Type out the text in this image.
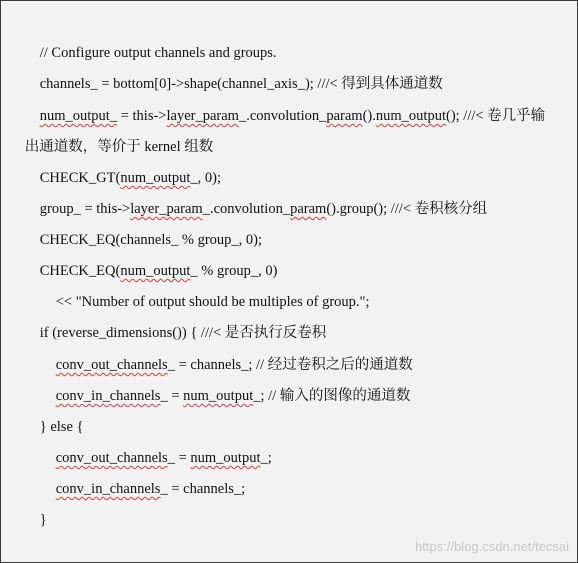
// Configure output channels and groups.

channels_ = bottom[0]->shape(channel_axis_); ///< 得到具体通道数

num_output_ = this->layer_param_.convolution_param().num_output(); ///< 卷几乎输

出通道数，等价于 kernel 组数

CHECK_GT(num_output_, 0);

group_ = this->layer_param_.convolution_param().group(); ///< 卷积核分组

CHECK_EQ(channels_ % group_, 0);

CHECK_EQ(num_output_ % group_, 0)

<< "Number of output should be multiples of group.";

if (reverse_dimensions()) { ///< 是否执行反卷积

conv_out_channels_ = channels_; // 经过卷积之后的通道数

conv_in_channels_ = num_output_; // 输入的图像的通道数

} else {

conv_out_channels_ = num_output_;

conv_in_channels_ = channels_;

}

https://blog.csdn.net/tecsai
